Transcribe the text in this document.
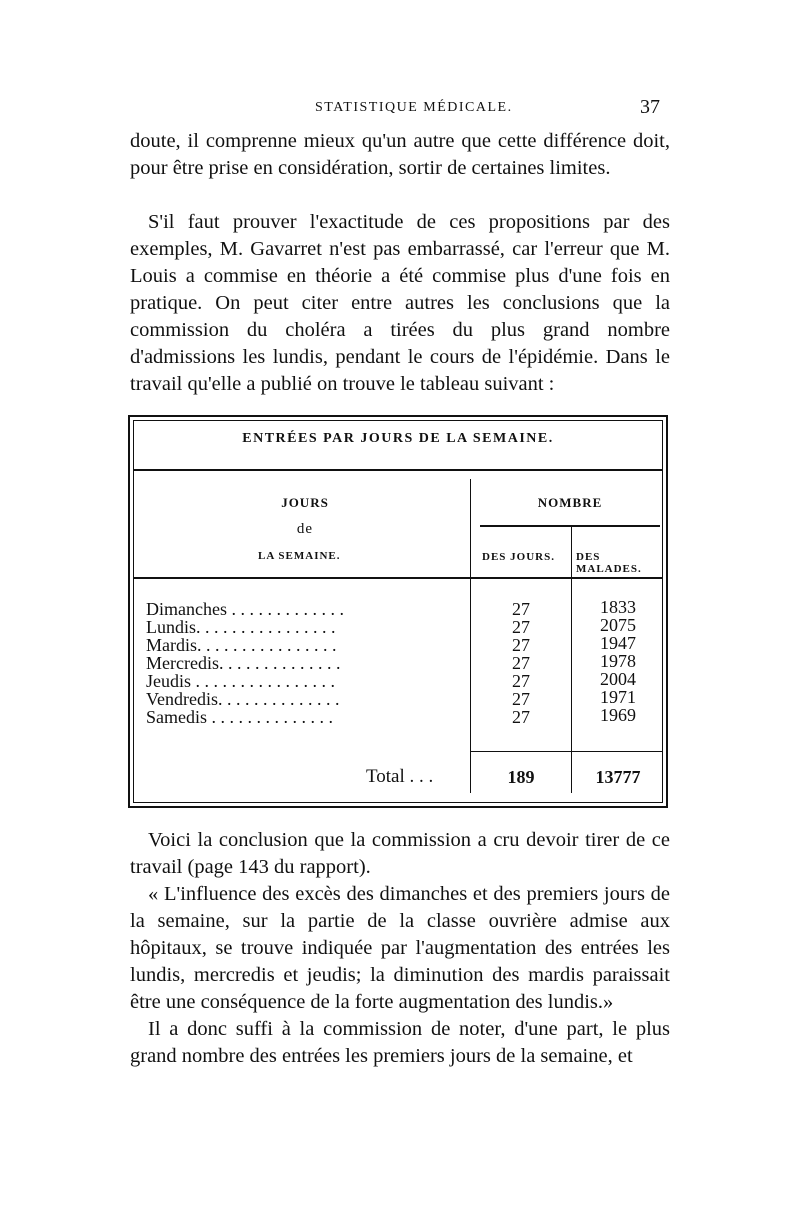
STATISTIQUE MÉDICALE.	37

doute, il comprenne mieux qu'un autre que cette différence doit, pour être prise en considération, sortir de certaines limites.

S'il faut prouver l'exactitude de ces propositions par des exemples, M. Gavarret n'est pas embarrassé, car l'erreur que M. Louis a commise en théorie a été commise plus d'une fois en pratique. On peut citer entre autres les conclusions que la commission du choléra a tirées du plus grand nombre d'admissions les lundis, pendant le cours de l'épidémie. Dans le travail qu'elle a publié on trouve le tableau suivant :

ENTRÉES PAR JOURS DE LA SEMAINE.
JOURS
de
LA SEMAINE.
NOMBRE
DES JOURS. DES MALADES.
Dimanches . . . . . . . . . . . . .	27	1833
Lundis. . . . . . . . . . . . . . . .	27	2075
Mardis. . . . . . . . . . . . . . . .	27	1947
Mercredis. . . . . . . . . . . . . .	27	1978
Jeudis . . . . . . . . . . . . . . . .	27	2004
Vendredis. . . . . . . . . . . . . .	27	1971
Samedis . . . . . . . . . . . . . .	27	1969
Total . . .	189	13777

Voici la conclusion que la commission a cru devoir tirer de ce travail (page 143 du rapport).

« L'influence des excès des dimanches et des premiers jours de la semaine, sur la partie de la classe ouvrière admise aux hôpitaux, se trouve indiquée par l'augmentation des entrées les lundis, mercredis et jeudis; la diminution des mardis paraissait être une conséquence de la forte augmentation des lundis.»

Il a donc suffi à la commission de noter, d'une part, le plus grand nombre des entrées les premiers jours de la semaine, et
